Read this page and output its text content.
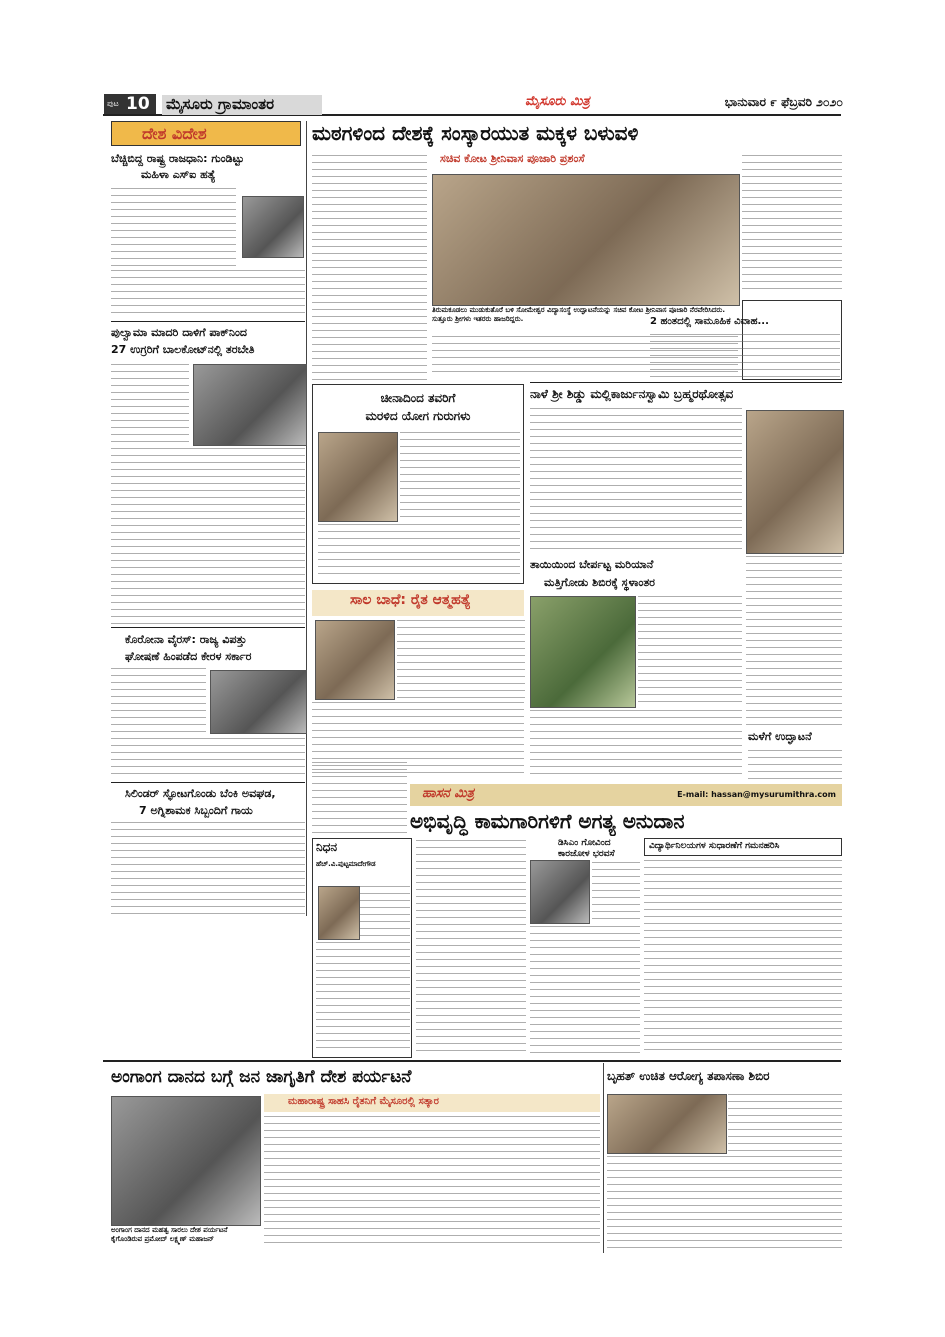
ಪುಟ 10 ಮೈಸೂರು ಗ್ರಾಮಾಂತರ	ಮೈಸೂರು ಮಿತ್ರ	ಭಾನುವಾರ ೯ ಫೆಬ್ರವರಿ ೨೦೨೦
ದೇಶ ವಿದೇಶ
ಬೆಚ್ಚಿಬಿದ್ದ ರಾಷ್ಟ್ರ ರಾಜಧಾನಿ: ಗುಂಡಿಟ್ಟು
ಮಹಿಳಾ ಎಸ್‌ಐ ಹತ್ಯೆ
ಪುಲ್ವಾಮಾ ಮಾದರಿ ದಾಳಿಗೆ ಪಾಕ್‌ನಿಂದ
27 ಉಗ್ರರಿಗೆ ಬಾಲಕೋಟ್‌ನಲ್ಲಿ ತರಬೇತಿ
ಕೊರೋನಾ ವೈರಸ್: ರಾಜ್ಯ ವಿಪತ್ತು
ಘೋಷಣೆ ಹಿಂಪಡೆದ ಕೇರಳ ಸರ್ಕಾರ
ಸಿಲಿಂಡರ್ ಸ್ಫೋಟಗೊಂಡು ಬೆಂಕಿ ಅವಘಡ,
7 ಅಗ್ನಿಶಾಮಕ ಸಿಬ್ಬಂದಿಗೆ ಗಾಯ
ಮಠಗಳಿಂದ ದೇಶಕ್ಕೆ ಸಂಸ್ಕಾರಯುತ ಮಕ್ಕಳ ಬಳುವಳಿ
ಸಚಿವ ಕೋಟ ಶ್ರೀನಿವಾಸ ಪೂಜಾರಿ ಪ್ರಶಂಸೆ
ತಿರುಮಕೂಡಲು ಮುಡುಕುತೊರೆ ಬಳಿ ಸೋಮೇಶ್ವರ ವಿದ್ಯಾಸಂಸ್ಥೆ ಉದ್ಘಾಟನೆಯನ್ನು ಸಚಿವ ಕೋಟ ಶ್ರೀನಿವಾಸ ಪೂಜಾರಿ ನೆರವೇರಿಸಿದರು. ಸುತ್ತೂರು ಶ್ರೀಗಳು ಇತರರು ಹಾಜರಿದ್ದರು.	2 ಹಂತದಲ್ಲಿ ಸಾಮೂಹಿಕ ವಿವಾಹ...
ಚೀನಾದಿಂದ ತವರಿಗೆ
ಮರಳಿದ ಯೋಗ ಗುರುಗಳು
ನಾಳೆ ಶ್ರೀ ಶಿಡ್ಡು ಮಲ್ಲಿಕಾರ್ಜುನಸ್ವಾಮಿ ಬ್ರಹ್ಮರಥೋತ್ಸವ
ತಾಯಿಯಿಂದ ಬೇರ್ಪಟ್ಟ ಮರಿಯಾನೆ
ಮತ್ತಿಗೋಡು ಶಿಬಿರಕ್ಕೆ ಸ್ಥಳಾಂತರ
ಸಾಲ ಬಾಧೆ: ರೈತ ಆತ್ಮಹತ್ಯೆ
ಮಳೆಗೆ ಉದ್ಘಾಟನೆ
ಹಾಸನ ಮಿತ್ರ	E-mail: hassan@mysurumithra.com
ಅಭಿವೃದ್ಧಿ ಕಾಮಗಾರಿಗಳಿಗೆ ಅಗತ್ಯ ಅನುದಾನ
ನಿಧನ
ಹೆಚ್.ವಿ.ಪುಟ್ಟಮಾದೇಗೌಡ
ಡಿಸಿಎಂ ಗೋವಿಂದ
ಕಾರಜೋಳ ಭರವಸೆ
ವಿದ್ಯಾರ್ಥಿನಿಲಯಗಳ ಸುಧಾರಣೆಗೆ ಗಮನಹರಿಸಿ
ಅಂಗಾಂಗ ದಾನದ ಬಗ್ಗೆ ಜನ ಜಾಗೃತಿಗೆ ದೇಶ ಪರ್ಯಟನೆ
ಮಹಾರಾಷ್ಟ್ರ ಸಾಹಸಿ ರೈತನಿಗೆ ಮೈಸೂರಲ್ಲಿ ಸತ್ಕಾರ
ಅಂಗಾಂಗ ದಾನದ ಮಹತ್ವ ಸಾರಲು ದೇಶ ಪರ್ಯಟನೆ ಕೈಗೊಂಡಿರುವ ಪ್ರಮೋದ್ ಲಕ್ಷ್ಮಣ್ ಮಹಾಜನ್
ಬೃಹತ್ ಉಚಿತ ಆರೋಗ್ಯ ತಪಾಸಣಾ ಶಿಬಿರ
